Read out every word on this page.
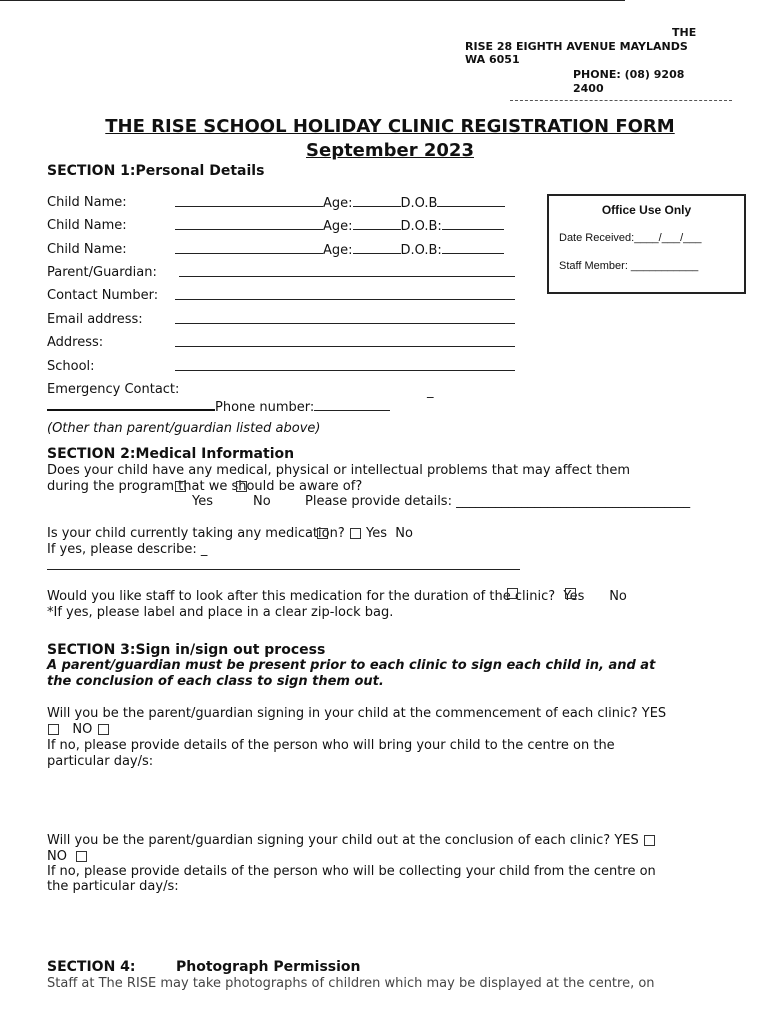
THE
RISE 28 EIGHTH AVENUE MAYLANDS
WA 6051
PHONE: (08) 9208
2400
THE RISE SCHOOL HOLIDAY CLINIC REGISTRATION FORM
September 2023
SECTION 1:Personal Details
Child Name:	Age:	D.O.B
Child Name:	Age:	D.O.B:
Child Name:	Age:	D.O.B:
Parent/Guardian:
Contact Number:
Email address:
Address:
School:
Emergency Contact:	_
Phone number:
(Other than parent/guardian listed above)
Office Use Only
Date Received:____/___/___
Staff Member: ___________
SECTION 2:Medical Information
Does your child have any medical, physical or intellectual problems that may affect them
during the program that we should be aware of?
Yes	No	Please provide details: ____________________________________
Is your child currently taking any medication? Yes No
If yes, please describe: _
Would you like staff to look after this medication for the duration of the clinic? Yes No
*If yes, please label and place in a clear zip-lock bag.
SECTION 3:Sign in/sign out process
A parent/guardian must be present prior to each clinic to sign each child in, and at
the conclusion of each class to sign them out.
Will you be the parent/guardian signing in your child at the commencement of each clinic? YES
NO
If no, please provide details of the person who will bring your child to the centre on the
particular day/s:
Will you be the parent/guardian signing your child out at the conclusion of each clinic? YES
NO
If no, please provide details of the person who will be collecting your child from the centre on
the particular day/s:
SECTION 4:	Photograph Permission
Staff at The RISE may take photographs of children which may be displayed at the centre, on
